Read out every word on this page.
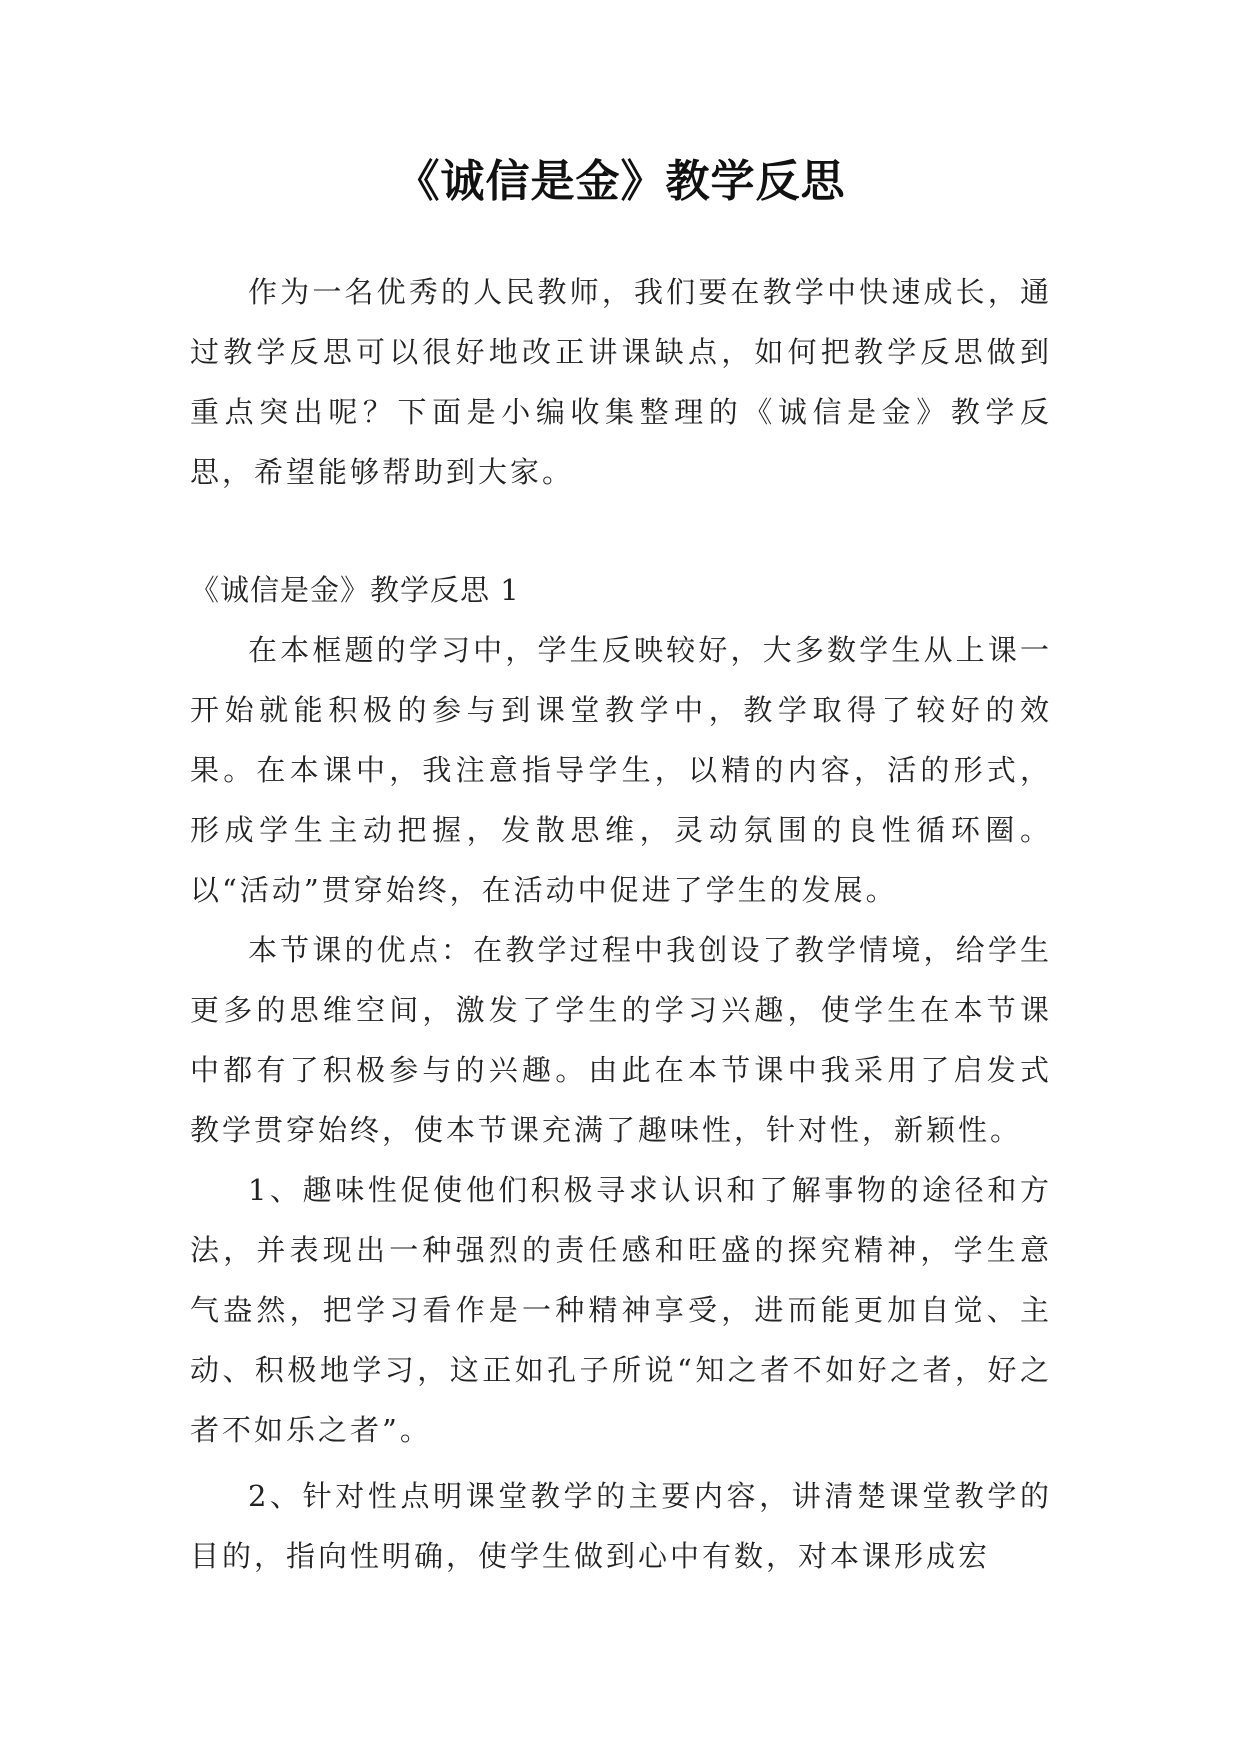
《诚信是金》教学反思

作为一名优秀的人民教师，我们要在教学中快速成长，通过教学反思可以很好地改正讲课缺点，如何把教学反思做到重点突出呢？下面是小编收集整理的《诚信是金》教学反思，希望能够帮助到大家。

《诚信是金》教学反思 1

在本框题的学习中，学生反映较好，大多数学生从上课一开始就能积极的参与到课堂教学中，教学取得了较好的效果。在本课中，我注意指导学生，以精的内容，活的形式，形成学生主动把握，发散思维，灵动氛围的良性循环圈。以“活动”贯穿始终，在活动中促进了学生的发展。

本节课的优点：在教学过程中我创设了教学情境，给学生更多的思维空间，激发了学生的学习兴趣，使学生在本节课中都有了积极参与的兴趣。由此在本节课中我采用了启发式教学贯穿始终，使本节课充满了趣味性，针对性，新颖性。

1、趣味性促使他们积极寻求认识和了解事物的途径和方法，并表现出一种强烈的责任感和旺盛的探究精神，学生意气盎然，把学习看作是一种精神享受，进而能更加自觉、主动、积极地学习，这正如孔子所说“知之者不如好之者，好之者不如乐之者”。

2、针对性点明课堂教学的主要内容，讲清楚课堂教学的目的，指向性明确，使学生做到心中有数，对本课形成宏
